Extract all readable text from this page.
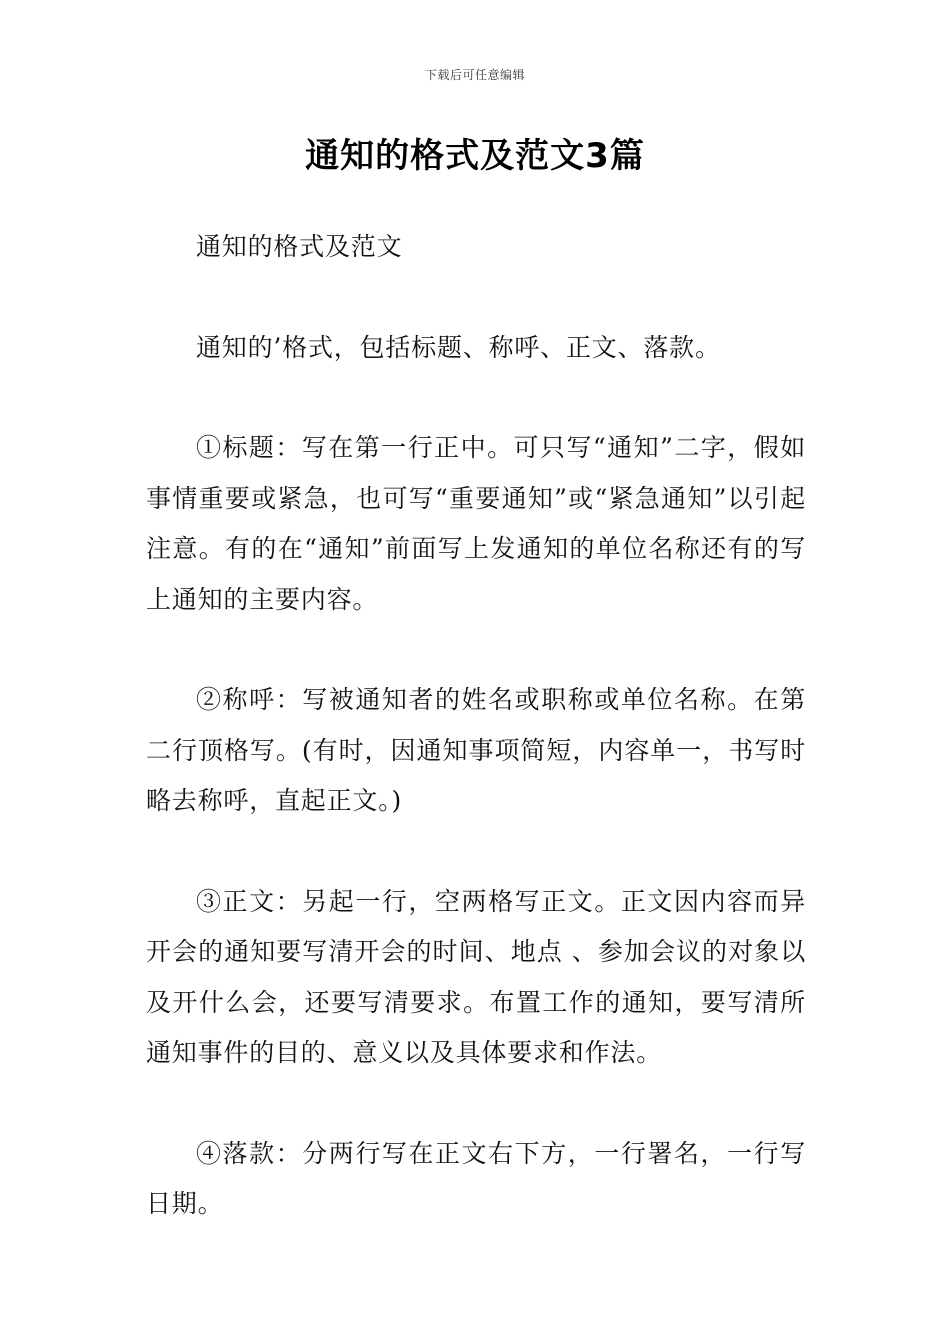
下载后可任意编辑
通知的格式及范文3篇

通知的格式及范文

通知的’格式，包括标题、称呼、正文、落款。

①标题：写在第一行正中。可只写“通知”二字，假如事情重要或紧急，也可写“重要通知”或“紧急通知”以引起注意。有的在“通知”前面写上发通知的单位名称还有的写上通知的主要内容。

②称呼：写被通知者的姓名或职称或单位名称。在第二行顶格写。(有时，因通知事项简短，内容单一，书写时略去称呼，直起正文。)

③正文：另起一行，空两格写正文。正文因内容而异开会的通知要写清开会的时间、地点 、参加会议的对象以及开什么会，还要写清要求。布置工作的通知，要写清所通知事件的目的、意义以及具体要求和作法。

④落款：分两行写在正文右下方，一行署名，一行写日期。
